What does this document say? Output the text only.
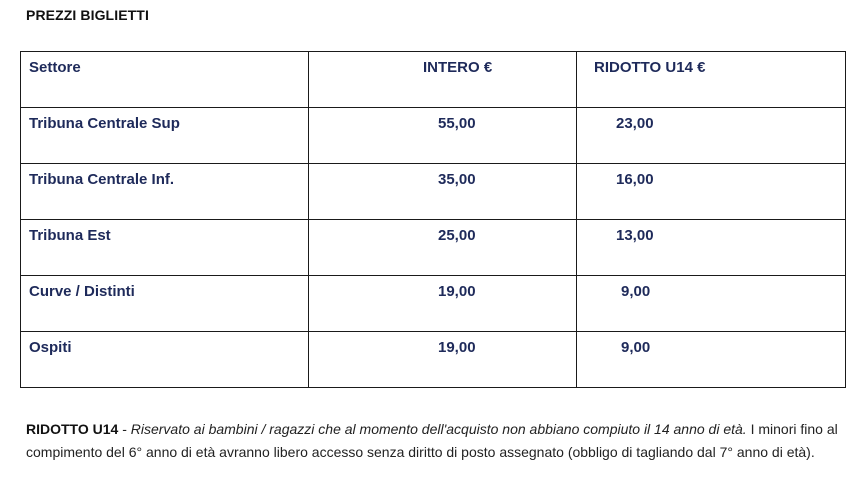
PREZZI BIGLIETTI
Settore	INTERO €	RIDOTTO U14 €
Tribuna Centrale Sup	55,00	23,00
Tribuna Centrale Inf.	35,00	16,00
Tribuna Est	25,00	13,00
Curve / Distinti	19,00	9,00
Ospiti	19,00	9,00
RIDOTTO U14 - Riservato ai bambini / ragazzi che al momento dell'acquisto non abbiano compiuto il 14 anno di età. I minori fino al compimento del 6° anno di età avranno libero accesso senza diritto di posto assegnato (obbligo di tagliando dal 7° anno di età).
